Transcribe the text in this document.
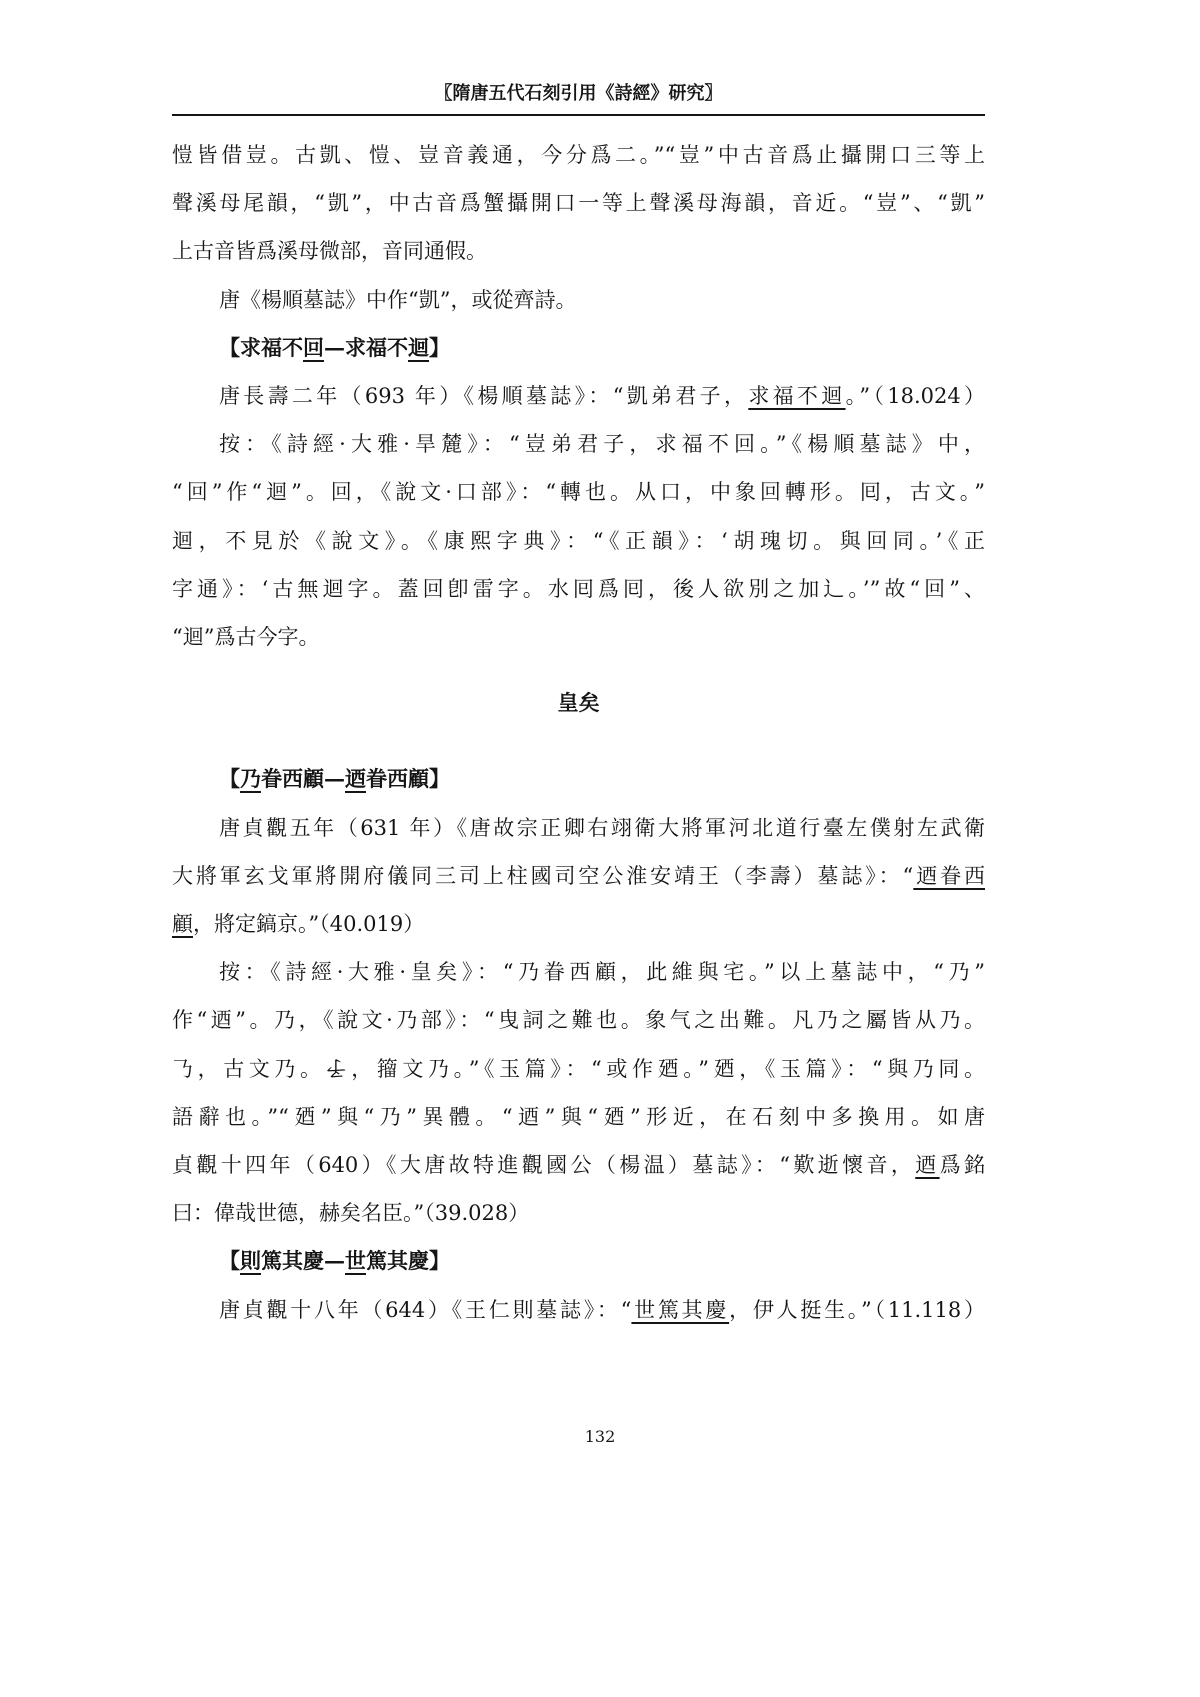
〖隋唐五代石刻引用《詩經》研究〗
愷皆借豈。古凱、愷、豈音義通，今分爲二。”“豈”中古音爲止攝開口三等上
聲溪母尾韻，“凱”，中古音爲蟹攝開口一等上聲溪母海韻，音近。“豈”、“凱”
上古音皆爲溪母微部，音同通假。
唐《楊順墓誌》中作“凱”，或從齊詩。
【求福不回—求福不迴】
唐長壽二年（693 年）《楊順墓誌》：“凱弟君子，求福不迴。”（18.024）
按：《詩經·大雅·旱麓》：“豈弟君子，求福不回。”《楊順墓誌》中，
“回”作“迴”。回，《說文·口部》：“轉也。从口，中象回轉形。囘，古文。”
迴，不見於《說文》。《康熙字典》：“《正韻》：‘胡瑰切。與回同。’《正
字通》：‘古無迴字。蓋回卽雷字。水囘爲囘，後人欲別之加辶。’”故“回”、
“迴”爲古今字。
皇矣
【乃眷西顧—迺眷西顧】
唐貞觀五年（631 年）《唐故宗正卿右翊衛大將軍河北道行臺左僕射左武衛
大將軍玄戈軍將開府儀同三司上柱國司空公淮安靖王（李壽）墓誌》：“迺眷西
顧，將定鎬京。”（40.019）
按：《詩經·大雅·皇矣》：“乃眷西顧，此維與宅。”以上墓誌中，“乃”
作“迺”。乃，《說文·乃部》：“曳詞之難也。象气之出難。凡乃之屬皆从乃。
𠄎，古文乃。𠄔，籀文乃。”《玉篇》：“或作廼。”廼，《玉篇》：“與乃同。
語辭也。”“廼”與“乃”異體。“迺”與“廼”形近，在石刻中多換用。如唐
貞觀十四年（640）《大唐故特進觀國公（楊温）墓誌》：“歎逝懷音，迺爲銘
曰：偉哉世德，赫矣名臣。”（39.028）
【則篤其慶—世篤其慶】
唐貞觀十八年（644）《王仁則墓誌》：“世篤其慶，伊人挺生。”（11.118）
132
